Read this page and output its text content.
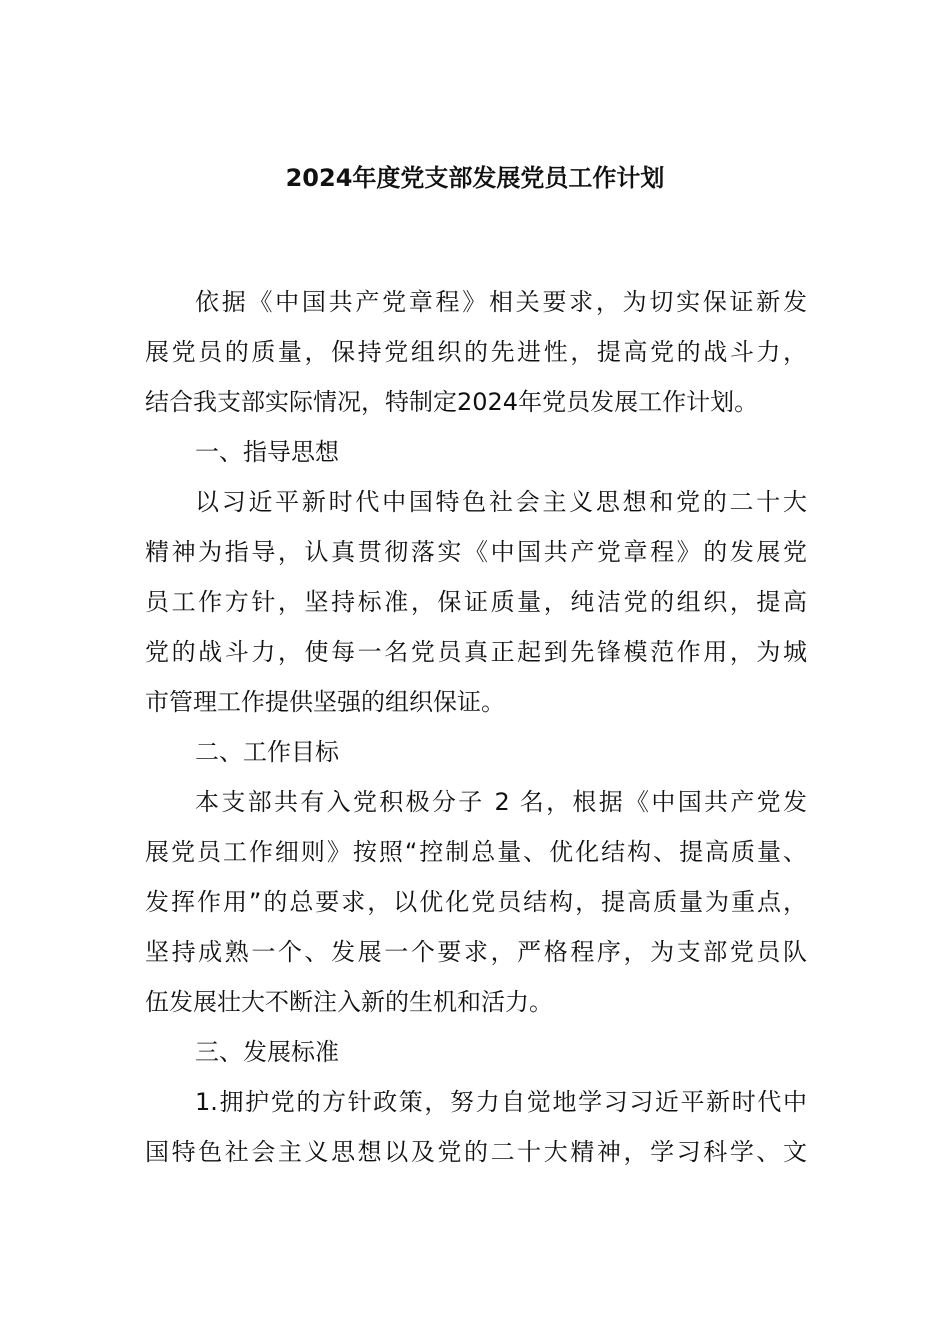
2024年度党支部发展党员工作计划
依据《中国共产党章程》相关要求，为切实保证新发
展党员的质量，保持党组织的先进性，提高党的战斗力，
结合我支部实际情况，特制定2024年党员发展工作计划。
一、指导思想
以习近平新时代中国特色社会主义思想和党的二十大
精神为指导，认真贯彻落实《中国共产党章程》的发展党
员工作方针，坚持标准，保证质量，纯洁党的组织，提高
党的战斗力，使每一名党员真正起到先锋模范作用，为城
市管理工作提供坚强的组织保证。
二、工作目标
本支部共有入党积极分子 2 名，根据《中国共产党发
展党员工作细则》按照“控制总量、优化结构、提高质量、
发挥作用”的总要求，以优化党员结构，提高质量为重点，
坚持成熟一个、发展一个要求，严格程序，为支部党员队
伍发展壮大不断注入新的生机和活力。
三、发展标准
1.拥护党的方针政策，努力自觉地学习习近平新时代中
国特色社会主义思想以及党的二十大精神，学习科学、文
